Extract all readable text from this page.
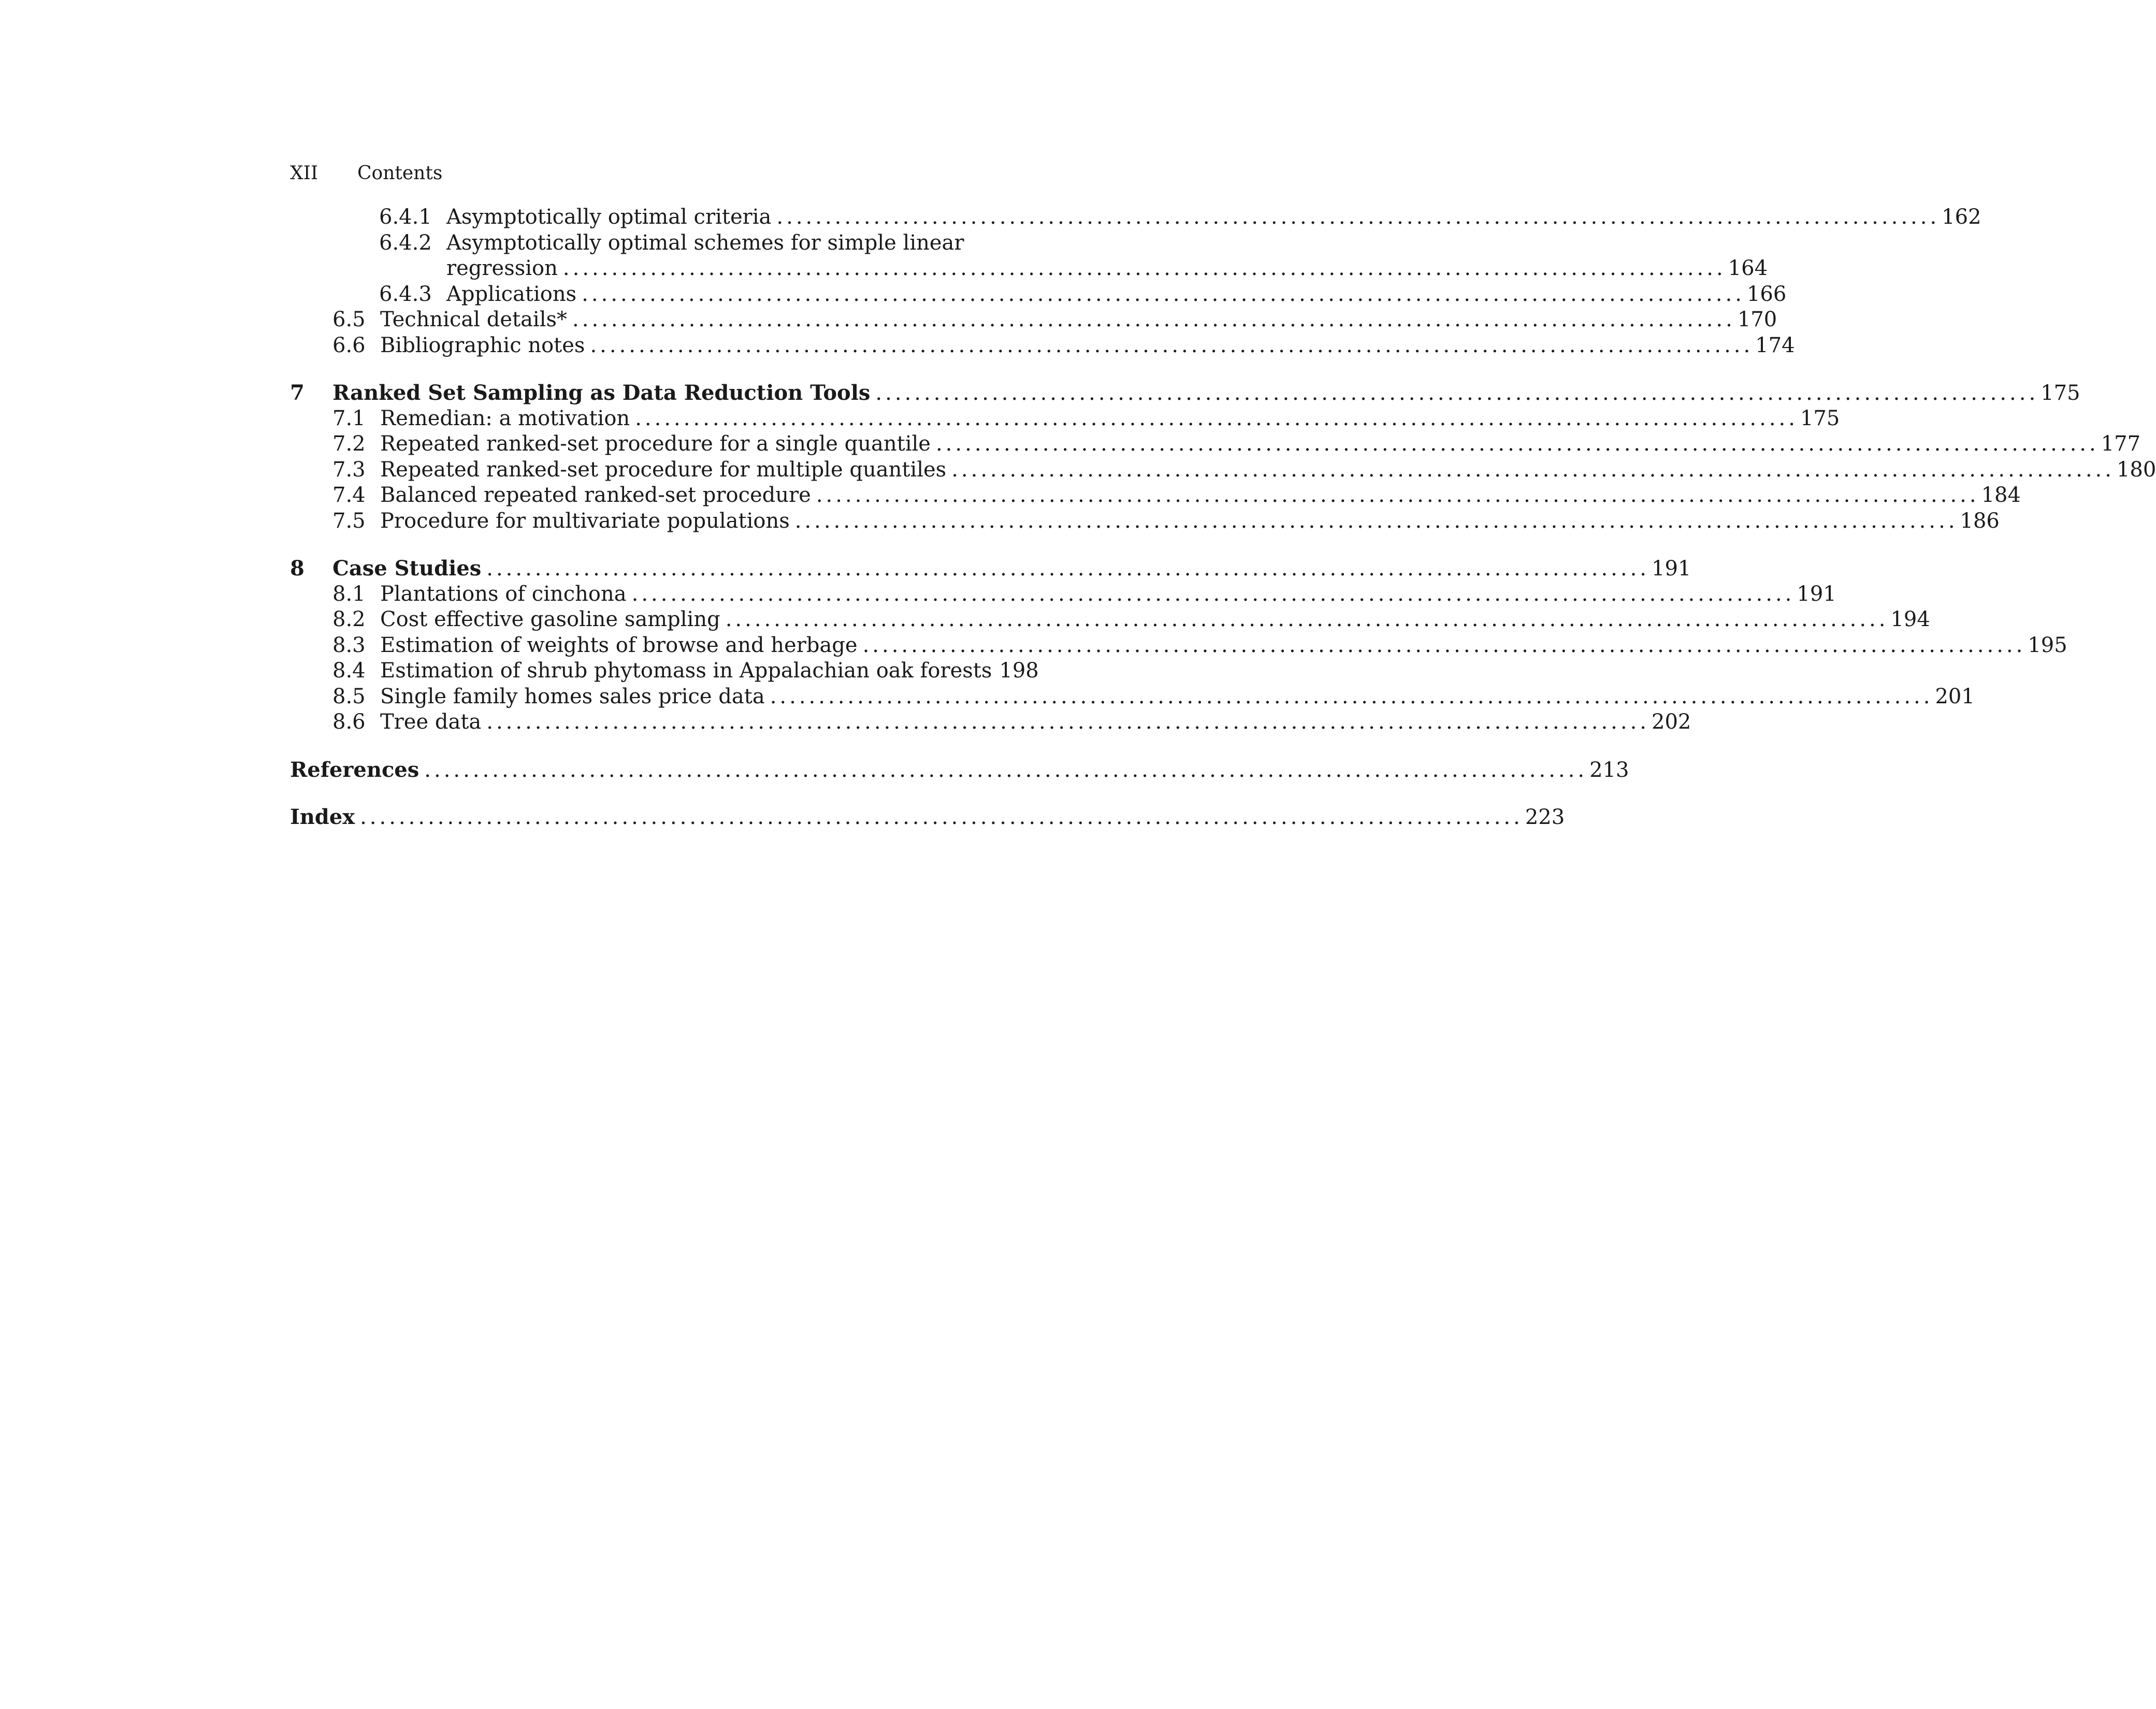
XII Contents
6.4.1 Asymptotically optimal criteria ........................................................................................................................ 162
6.4.2 Asymptotically optimal schemes for simple linear
regression ........................................................................................................................ 164
6.4.3 Applications ........................................................................................................................ 166
6.5 Technical details* ........................................................................................................................ 170
6.6 Bibliographic notes ........................................................................................................................ 174
7 Ranked Set Sampling as Data Reduction Tools ........................................................................................................................ 175
7.1 Remedian: a motivation ........................................................................................................................ 175
7.2 Repeated ranked-set procedure for a single quantile ........................................................................................................................ 177
7.3 Repeated ranked-set procedure for multiple quantiles ........................................................................................................................ 180
7.4 Balanced repeated ranked-set procedure ........................................................................................................................ 184
7.5 Procedure for multivariate populations ........................................................................................................................ 186
8 Case Studies ........................................................................................................................ 191
8.1 Plantations of cinchona ........................................................................................................................ 191
8.2 Cost effective gasoline sampling ........................................................................................................................ 194
8.3 Estimation of weights of browse and herbage ........................................................................................................................ 195
8.4 Estimation of shrub phytomass in Appalachian oak forests 198
8.5 Single family homes sales price data ........................................................................................................................ 201
8.6 Tree data ........................................................................................................................ 202
References ........................................................................................................................ 213
Index ........................................................................................................................ 223
